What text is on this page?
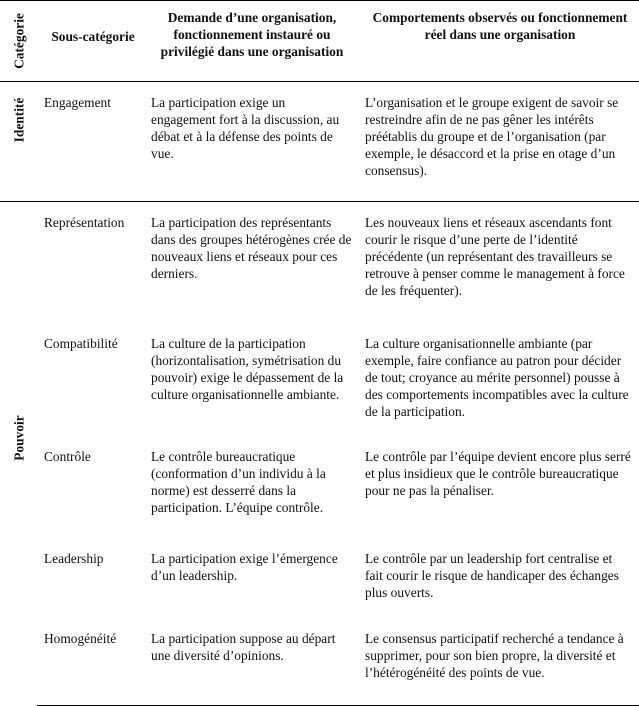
Catégorie	Sous-catégorie	Demande d’une organisation, fonctionnement instauré ou privilégié dans une organisation	Comportements observés ou fonctionnement réel dans une organisation

Identité	Engagement	La participation exige un engagement fort à la discussion, au débat et à la défense des points de vue.	L’organisation et le groupe exigent de savoir se restreindre afin de ne pas gêner les intérêts préétablis du groupe et de l’organisation (par exemple, le désaccord et la prise en otage d’un consensus).

Pouvoir	Représentation	La participation des représentants dans des groupes hétérogènes crée de nouveaux liens et réseaux pour ces derniers.	Les nouveaux liens et réseaux ascendants font courir le risque d’une perte de l’identité précédente (un représentant des travailleurs se retrouve à penser comme le management à force de les fréquenter).
	Compatibilité	La culture de la participation (horizontalisation, symétrisation du pouvoir) exige le dépassement de la culture organisationnelle ambiante.	La culture organisationnelle ambiante (par exemple, faire confiance au patron pour décider de tout; croyance au mérite personnel) pousse à des comportements incompatibles avec la culture de la participation.
	Contrôle	Le contrôle bureaucratique (conformation d’un individu à la norme) est desserré dans la participation. L’équipe contrôle.	Le contrôle par l’équipe devient encore plus serré et plus insidieux que le contrôle bureaucratique pour ne pas la pénaliser.
	Leadership	La participation exige l’émergence d’un leadership.	Le contrôle par un leadership fort centralise et fait courir le risque de handicaper des échanges plus ouverts.
	Homogénéité	La participation suppose au départ une diversité d’opinions.	Le consensus participatif recherché a tendance à supprimer, pour son bien propre, la diversité et l’hétérogénéité des points de vue.
